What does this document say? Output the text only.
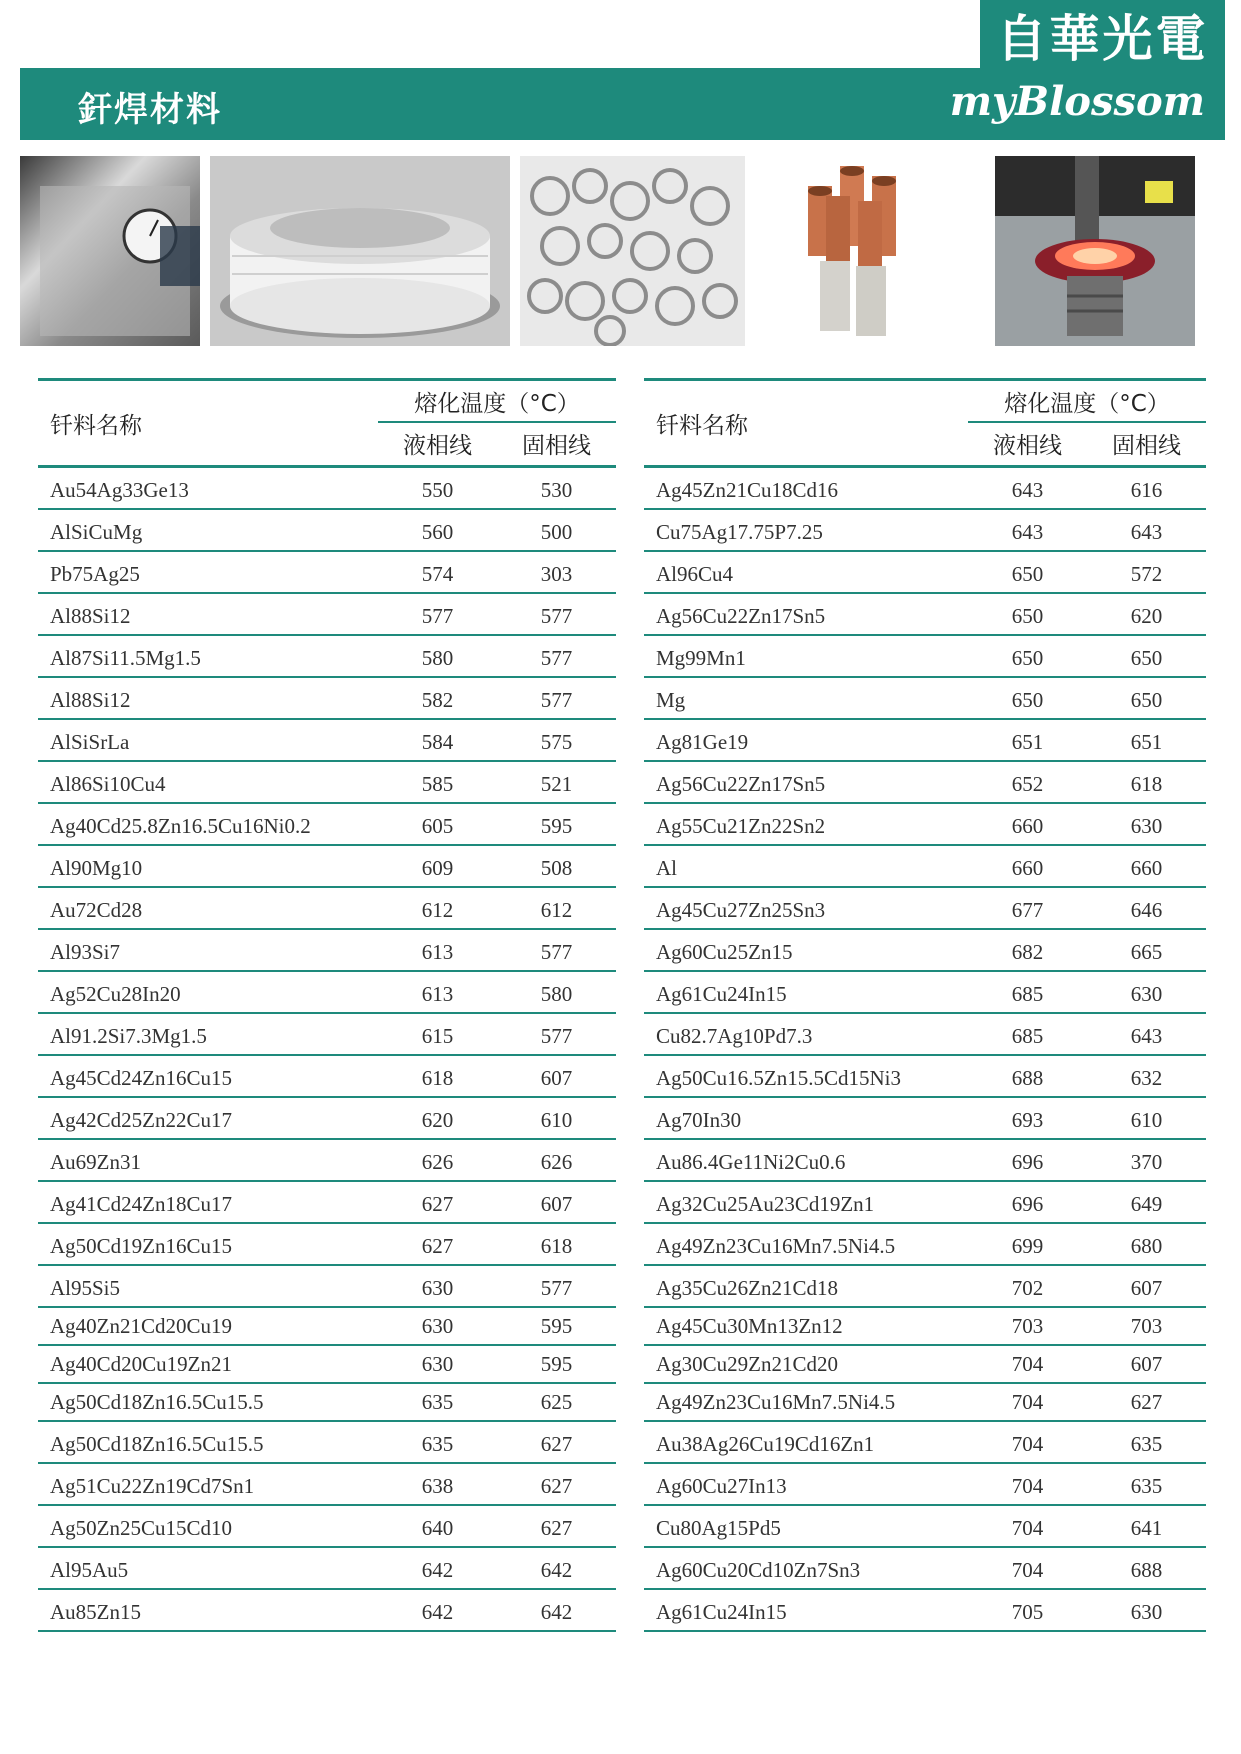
自華光電
釬焊材料	myBlossom
钎料名称
熔化温度（°C）
液相线	固相线
Au54Ag33Ge13	550	530
AlSiCuMg	560	500
Pb75Ag25	574	303
Al88Si12	577	577
Al87Si11.5Mg1.5	580	577
Al88Si12	582	577
AlSiSrLa	584	575
Al86Si10Cu4	585	521
Ag40Cd25.8Zn16.5Cu16Ni0.2	605	595
Al90Mg10	609	508
Au72Cd28	612	612
Al93Si7	613	577
Ag52Cu28In20	613	580
Al91.2Si7.3Mg1.5	615	577
Ag45Cd24Zn16Cu15	618	607
Ag42Cd25Zn22Cu17	620	610
Au69Zn31	626	626
Ag41Cd24Zn18Cu17	627	607
Ag50Cd19Zn16Cu15	627	618
Al95Si5	630	577
Ag40Zn21Cd20Cu19	630	595
Ag40Cd20Cu19Zn21	630	595
Ag50Cd18Zn16.5Cu15.5	635	625
Ag50Cd18Zn16.5Cu15.5	635	627
Ag51Cu22Zn19Cd7Sn1	638	627
Ag50Zn25Cu15Cd10	640	627
Al95Au5	642	642
Au85Zn15	642	642
钎料名称
熔化温度（°C）
液相线	固相线
Ag45Zn21Cu18Cd16	643	616
Cu75Ag17.75P7.25	643	643
Al96Cu4	650	572
Ag56Cu22Zn17Sn5	650	620
Mg99Mn1	650	650
Mg	650	650
Ag81Ge19	651	651
Ag56Cu22Zn17Sn5	652	618
Ag55Cu21Zn22Sn2	660	630
Al	660	660
Ag45Cu27Zn25Sn3	677	646
Ag60Cu25Zn15	682	665
Ag61Cu24In15	685	630
Cu82.7Ag10Pd7.3	685	643
Ag50Cu16.5Zn15.5Cd15Ni3	688	632
Ag70In30	693	610
Au86.4Ge11Ni2Cu0.6	696	370
Ag32Cu25Au23Cd19Zn1	696	649
Ag49Zn23Cu16Mn7.5Ni4.5	699	680
Ag35Cu26Zn21Cd18	702	607
Ag45Cu30Mn13Zn12	703	703
Ag30Cu29Zn21Cd20	704	607
Ag49Zn23Cu16Mn7.5Ni4.5	704	627
Au38Ag26Cu19Cd16Zn1	704	635
Ag60Cu27In13	704	635
Cu80Ag15Pd5	704	641
Ag60Cu20Cd10Zn7Sn3	704	688
Ag61Cu24In15	705	630
